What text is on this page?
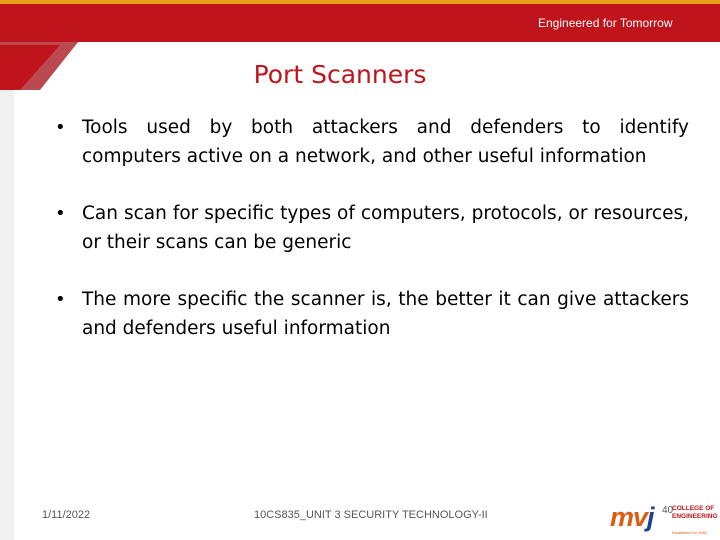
Engineered for Tomorrow
Port Scanners
• Tools used by both attackers and defenders to identify computers active on a network, and other useful information
• Can scan for specific types of computers, protocols, or resources, or their scans can be generic
• The more specific the scanner is, the better it can give attackers and defenders useful information
1/11/2022	10CS835_UNIT 3 SECURITY TECHNOLOGY-II	mvj	COLLEGE OF ENGINEERING
Established in 1982
40
